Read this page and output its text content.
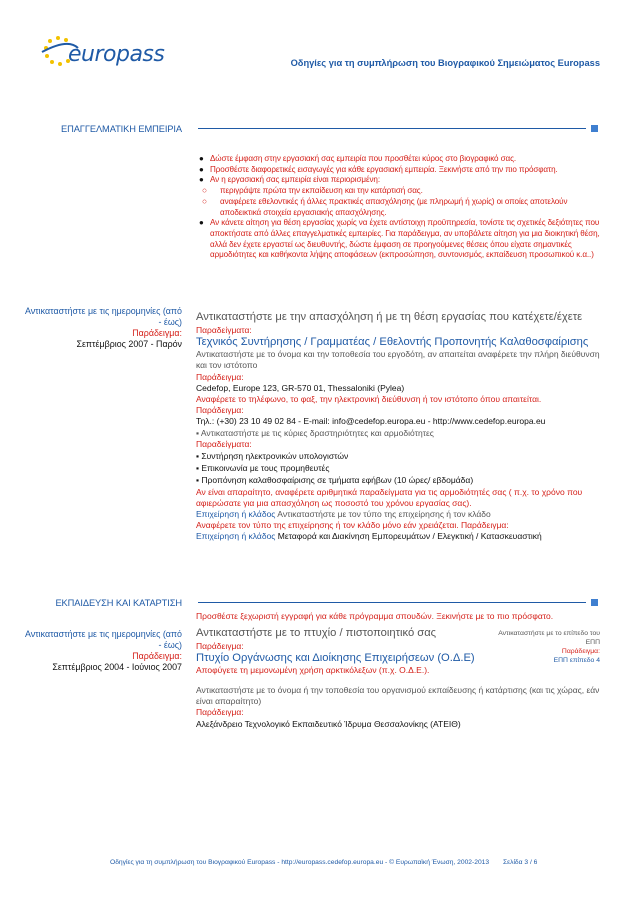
europass	Οδηγίες για τη συμπλήρωση του Βιογραφικού Σημειώματος Europass
ΕΠΑΓΓΕΛΜΑΤΙΚΗ ΕΜΠΕΙΡΙΑ
● Δώστε έμφαση στην εργασιακή σας εμπειρία που προσθέτει κύρος στο βιογραφικό σας.
● Προσθέστε διαφορετικές εισαγωγές για κάθε εργασιακή εμπειρία. Ξεκινήστε από την πιο πρόσφατη.
● Αν η εργασιακή σας εμπειρία είναι περιορισμένη:
○ περιγράψτε πρώτα την εκπαίδευση και την κατάρτισή σας.
○ αναφέρετε εθελοντικές ή άλλες πρακτικές απασχόλησης (με πληρωμή ή χωρίς) οι οποίες αποτελούν αποδεικτικά στοιχεία εργασιακής απασχόλησης.
● Αν κάνετε αίτηση για θέση εργασίας χωρίς να έχετε αντίστοιχη προϋπηρεσία, τονίστε τις σχετικές δεξιότητες που αποκτήσατε από άλλες επαγγελματικές εμπειρίες. Για παράδειγμα, αν υποβάλετε αίτηση για μια διοικητική θέση, αλλά δεν έχετε εργαστεί ως διευθυντής, δώστε έμφαση σε προηγούμενες θέσεις όπου είχατε σημαντικές αρμοδιότητες και καθήκοντα λήψης αποφάσεων (εκπροσώπηση, συντονισμός, εκπαίδευση προσωπικού κ.α..)
Αντικαταστήστε με τις ημερομηνίες (από - έως)
Παράδειγμα:
Σεπτέμβριος 2007 - Παρόν
Αντικαταστήστε με την απασχόληση ή με τη θέση εργασίας που κατέχετε/έχετε
Παραδείγματα:
Τεχνικός Συντήρησης / Γραμματέας / Εθελοντής Προπονητής Καλαθοσφαίρισης
Αντικαταστήστε με το όνομα και την τοποθεσία του εργοδότη, αν απαιτείται αναφέρετε την πλήρη διεύθυνση και τον ιστότοπο
Παράδειγμα:
Cedefop, Europe 123, GR-570 01, Thessaloniki (Pylea)
Αναφέρετε το τηλέφωνο, το φαξ, την ηλεκτρονική διεύθυνση ή τον ιστότοπο όπου απαιτείται.
Παράδειγμα:
Τηλ.: (+30) 23 10 49 02 84 - E-mail: info@cedefop.europa.eu - http://www.cedefop.europa.eu
▪ Αντικαταστήστε με τις κύριες δραστηριότητες και αρμοδιότητες
Παραδείγματα:
▪ Συντήρηση ηλεκτρονικών υπολογιστών
▪ Επικοινωνία με τους προμηθευτές
▪ Προπόνηση καλαθοσφαίρισης σε τμήματα εφήβων (10 ώρες/ εβδομάδα)
Αν είναι απαραίτητο, αναφέρετε αριθμητικά παραδείγματα για τις αρμοδιότητές σας ( π.χ. το χρόνο που αφιερώσατε για μια απασχόληση ως ποσοστό του χρόνου εργασίας σας).
Επιχείρηση ή κλάδος Αντικαταστήστε με τον τύπο της επιχείρησης ή τον κλάδο
Αναφέρετε τον τύπο της επιχείρησης ή τον κλάδο μόνο εάν χρειάζεται. Παράδειγμα:
Επιχείρηση ή κλάδος Μεταφορά και Διακίνηση Εμπορευμάτων / Ελεγκτική / Κατασκευαστική
ΕΚΠΑΙΔΕΥΣΗ ΚΑΙ ΚΑΤΑΡΤΙΣΗ
Προσθέστε ξεχωριστή εγγραφή για κάθε πρόγραμμα σπουδών. Ξεκινήστε με το πιο πρόσφατο.
Αντικαταστήστε με τις ημερομηνίες (από - έως)
Παράδειγμα:
Σεπτέμβριος 2004 - Ιούνιος 2007
Αντικαταστήστε με το πτυχίο / πιστοποιητικό σας
Παράδειγμα:
Πτυχίο Οργάνωσης και Διοίκησης Επιχειρήσεων (Ο.Δ.Ε)
Αποφύγετε τη μεμονωμένη χρήση αρκτικόλεξων (π.χ. Ο.Δ.Ε.).
Αντικαταστήστε με το επίπεδο του ΕΠΠ
Παράδειγμα:
ΕΠΠ επίπεδο 4
Αντικαταστήστε με το όνομα ή την τοποθεσία του οργανισμού εκπαίδευσης ή κατάρτισης (και τις χώρας, εάν είναι απαραίτητο)
Παράδειγμα:
Αλεξάνδρειο Τεχνολογικό Εκπαιδευτικό Ίδρυμα Θεσσαλονίκης (ΑΤΕΙΘ)
Οδηγίες για τη συμπλήρωση του Βιογραφικού Europass - http://europass.cedefop.europa.eu - © Ευρωπαϊκή Ένωση, 2002-2013 Σελίδα 3 / 6
